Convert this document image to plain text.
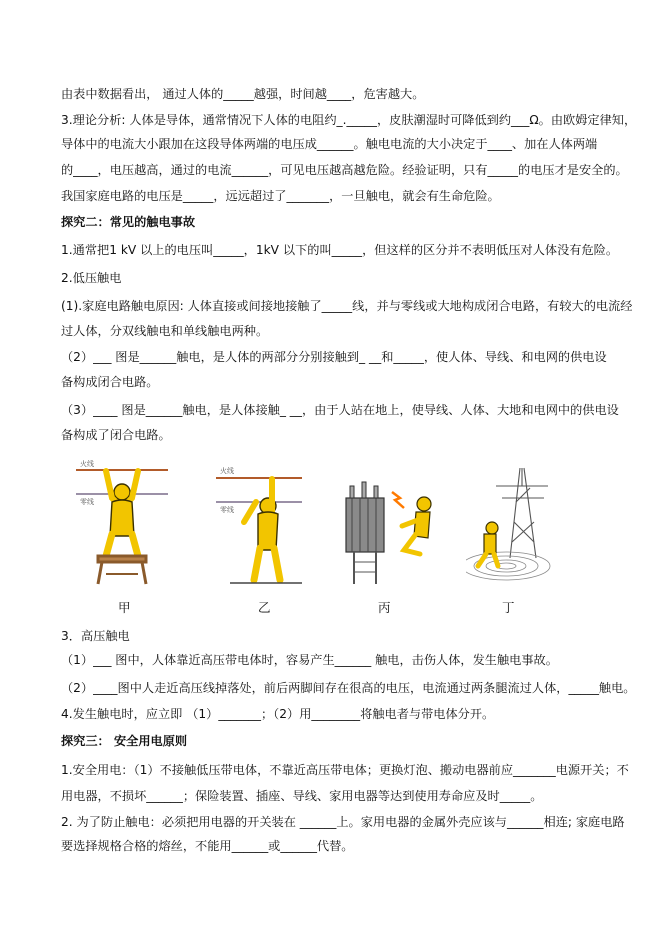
由表中数据看出， 通过人体的_____越强，时间越____，危害越大。
3.理论分析: 人体是导体，通常情况下人体的电阻约_._____，皮肤潮湿时可降低到约___Ω。由欧姆定律知，
导体中的电流大小跟加在这段导体两端的电压成______。触电电流的大小决定于____、加在人体两端
的____，电压越高，通过的电流______，可见电压越高越危险。经验证明，只有_____的电压才是安全的。
我国家庭电路的电压是_____，远远超过了_______，一旦触电，就会有生命危险。
探究二：常见的触电事故
1.通常把1 kV 以上的电压叫_____，1kV 以下的叫_____，但这样的区分并不表明低压对人体没有危险。
2.低压触电
(1).家庭电路触电原因: 人体直接或间接地接触了_____线，并与零线或大地构成闭合电路，有较大的电流经
过人体，分双线触电和单线触电两种。
（2）___ 图是______触电，是人体的两部分分别接触到_ __和_____，使人体、导线、和电网的供电设
备构成闭合电路。
（3）____ 图是______触电，是人体接触_ __，由于人站在地上，使导线、人体、大地和电网中的供电设
备构成了闭合电路。
火线
零线
火线
零线
甲	乙	丙	丁
3．高压触电
（1）___ 图中，人体靠近高压带电体时，容易产生______ 触电，击伤人体，发生触电事故。
（2）____图中人走近高压线掉落处，前后两脚间存在很高的电压，电流通过两条腿流过人体，_____触电。
4.发生触电时，应立即 （1）_______；（2）用________将触电者与带电体分开。
探究三： 安全用电原则
1.安全用电：（1）不接触低压带电体，不靠近高压带电体；更换灯泡、搬动电器前应_______电源开关；不
用电器，不损坏______；保险装置、插座、导线、家用电器等达到使用寿命应及时_____。
2. 为了防止触电：必须把用电器的开关装在 ______上。家用电器的金属外壳应该与______相连; 家庭电路
要选择规格合格的熔丝，不能用______或______代替。
